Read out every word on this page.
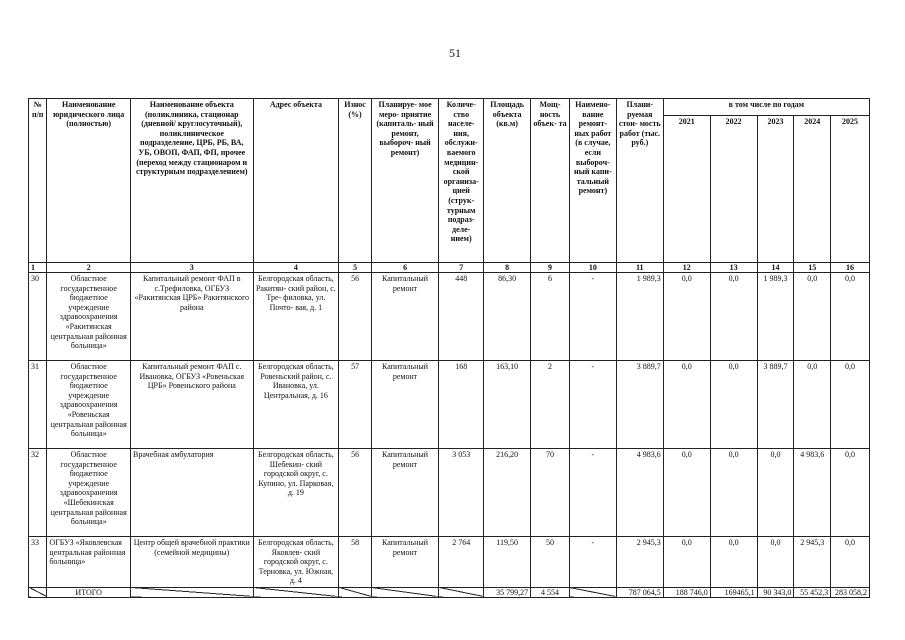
51
№ п/п	Наименование юридического лица (полностью)	Наименование объекта (поликлиника, стационар (дневной/ круглосуточный), поликлиническое подразделение, ЦРБ, РБ, ВА, УБ, ОВОП, ФАП, ФП, прочее (переход между стационаром и структурным подразделением)	Адрес объекта	Износ (%)	Планируе- мое меро- приятие (капиталь- ный ремонт, выбороч- ный ремонт)	Количе- ство населе- ния, обслужи- ваемого медицин- ской организа- цией (струк- турным подраз- деле- нием)	Площадь объекта (кв.м)	Мощ- ность объек- та	Наимено- вание ремонт- ных работ (в случае, если выбороч- ный капи- тальный ремонт)	Плани- руемая стои- мость работ (тыс. руб.)	в том числе по годам				
											2021	2022	2023	2024	2025
1	2	3	4	5	6	7	8	9	10	11	12	13	14	15	16
30	Областное государственное бюджетное учреждение здравоохранения «Ракитянская центральная районная больница»	Капитальный ремонт ФАП в с.Трефиловка, ОГБУЗ «Ракитянская ЦРБ» Ракитянского района	Белгородская область, Ракитян- ский район, с. Тре- филовка, ул. Почто- вая, д. 1	56	Капитальный ремонт	448	86,30	6	-	1 989,3	0,0	0,0	1 989,3	0,0	0,0
31	Областное государственное бюджетное учреждение здравоохранения «Ровеньская центральная районная больница»	Капитальный ремонт ФАП с. Ивановка, ОГБУЗ «Ровеньская ЦРБ» Ровеньского района	Белгородская область, Ровеньский район, с. Ивановка, ул. Центральная, д. 16	57	Капитальный ремонт	168	163,10	2	-	3 889,7	0,0	0,0	3 889,7	0,0	0,0
32	Областное государственное бюджетное учреждение здравоохранения «Шебекинская центральная районная больница»	Врачебная амбулатория	Белгородская область, Шебекин- ский городской округ, с. Купино, ул. Парковая, д. 19	56	Капитальный ремонт	3 053	216,20	70	-	4 983,6	0,0	0,0	0,0	4 983,6	0,0
33	ОГБУЗ «Яковлевская центральная районная больница»	Центр общей врачебной практики (семейной медицины)	Белгородская область, Яковлев- ский городской округ, с. Терновка, ул. Южная, д. 4	58	Капитальный ремонт	2 764	119,50	50	-	2 945,3	0,0	0,0	0,0	2 945,3	0,0
	ИТОГО						35 799,27	4 554		787 064,5	188 746,0	169465,1	90 343,0	55 452,3	283 058,2
